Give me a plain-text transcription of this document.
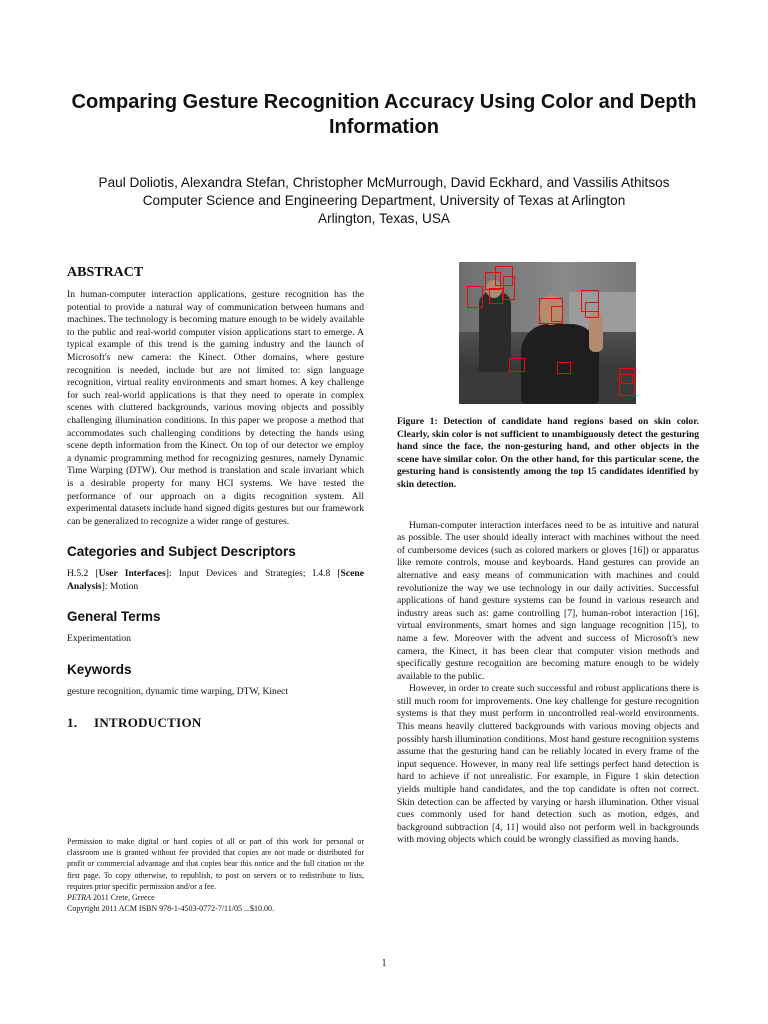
Comparing Gesture Recognition Accuracy Using Color and Depth Information
Paul Doliotis, Alexandra Stefan, Christopher McMurrough, David Eckhard, and Vassilis Athitsos
Computer Science and Engineering Department, University of Texas at Arlington
Arlington, Texas, USA
ABSTRACT

In human-computer interaction applications, gesture recognition has the potential to provide a natural way of communication between humans and machines. The technology is becoming mature enough to be widely available to the public and real-world computer vision applications start to emerge. A typical example of this trend is the gaming industry and the launch of Microsoft's new camera: the Kinect. Other domains, where gesture recognition is needed, include but are not limited to: sign language recognition, virtual reality environments and smart homes. A key challenge for such real-world applications is that they need to operate in complex scenes with cluttered backgrounds, various moving objects and possibly challenging illumination conditions. In this paper we propose a method that accommodates such challenging conditions by detecting the hands using scene depth information from the Kinect. On top of our detector we employ a dynamic programming method for recognizing gestures, namely Dynamic Time Warping (DTW). Our method is translation and scale invariant which is a desirable property for many HCI systems. We have tested the performance of our approach on a digits recognition system. All experimental datasets include hand signed digits gestures but our framework can be generalized to recognize a wider range of gestures.

Categories and Subject Descriptors

H.5.2 [User Interfaces]: Input Devices and Strategies; I.4.8 [Scene Analysis]: Motion

General Terms

Experimentation

Keywords

gesture recognition, dynamic time warping, DTW, Kinect

1. INTRODUCTION

Permission to make digital or hard copies of all or part of this work for personal or classroom use is granted without fee provided that copies are not made or distributed for profit or commercial advantage and that copies bear this notice and the full citation on the first page. To copy otherwise, to republish, to post on servers or to redistribute to lists, requires prior specific permission and/or a fee.

PETRA 2011 Crete, Greece

Copyright 2011 ACM ISBN 978-1-4503-0772-7/11/05 ...$10.00.

Figure 1: Detection of candidate hand regions based on skin color. Clearly, skin color is not sufficient to unambiguously detect the gesturing hand since the face, the non-gesturing hand, and other objects in the scene have similar color. On the other hand, for this particular scene, the gesturing hand is consistently among the top 15 candidates identified by skin detection.

Human-computer interaction interfaces need to be as intuitive and natural as possible. The user should ideally interact with machines without the need of cumbersome devices (such as colored markers or gloves [16]) or apparatus like remote controls, mouse and keyboards. Hand gestures can provide an alternative and easy means of communication with machines and could revolutionize the way we use technology in our daily activities. Successful applications of hand gesture systems can be found in various research and industry areas such as: game controlling [7], human-robot interaction [16], virtual environments, smart homes and sign language recognition [15], to name a few. Moreover with the advent and success of Microsoft's new camera, the Kinect, it has been clear that computer vision methods and specifically gesture recognition are becoming mature enough to be widely available to the public.

However, in order to create such successful and robust applications there is still much room for improvements. One key challenge for gesture recognition systems is that they must perform in uncontrolled real-world environments. This means heavily cluttered backgrounds with various moving objects and possibly harsh illumination conditions. Most hand gesture recognition systems assume that the gesturing hand can be reliably located in every frame of the input sequence. However, in many real life settings perfect hand detection is hard to achieve if not unrealistic. For example, in Figure 1 skin detection yields multiple hand candidates, and the top candidate is often not correct. Skin detection can be affected by varying or harsh illumination. Other visual cues commonly used for hand detection such as motion, edges, and background subtraction [4, 11] would also not perform well in backgrounds with moving objects which could be wrongly classified as moving hands.

1
